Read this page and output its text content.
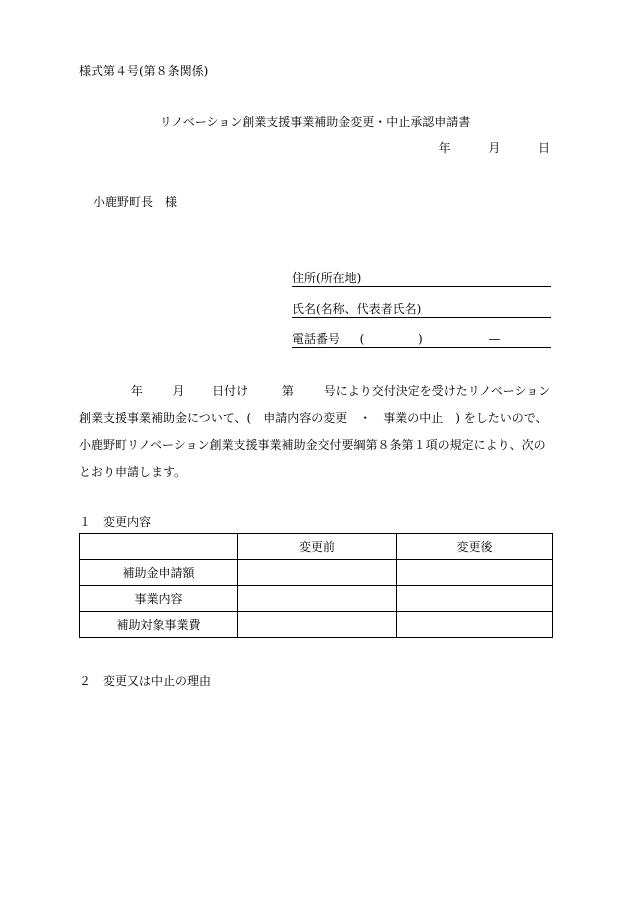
様式第４号(第８条関係)
リノベーション創業支援事業補助金変更・中止承認申請書
年	月	日
小鹿野町長　様
住所(所在地)
氏名(名称、代表者氏名)
電話番号 (	)	—
年 月 日付け	第 号により交付決定を受けたリノベーション創業支援事業補助金について、(　申請内容の変更　・　事業の中止　) をしたいので、小鹿野町リノベーション創業支援事業補助金交付要綱第８条第１項の規定により、次のとおり申請します。
１　変更内容
	変更前	変更後
補助金申請額		
事業内容		
補助対象事業費		
２　変更又は中止の理由
